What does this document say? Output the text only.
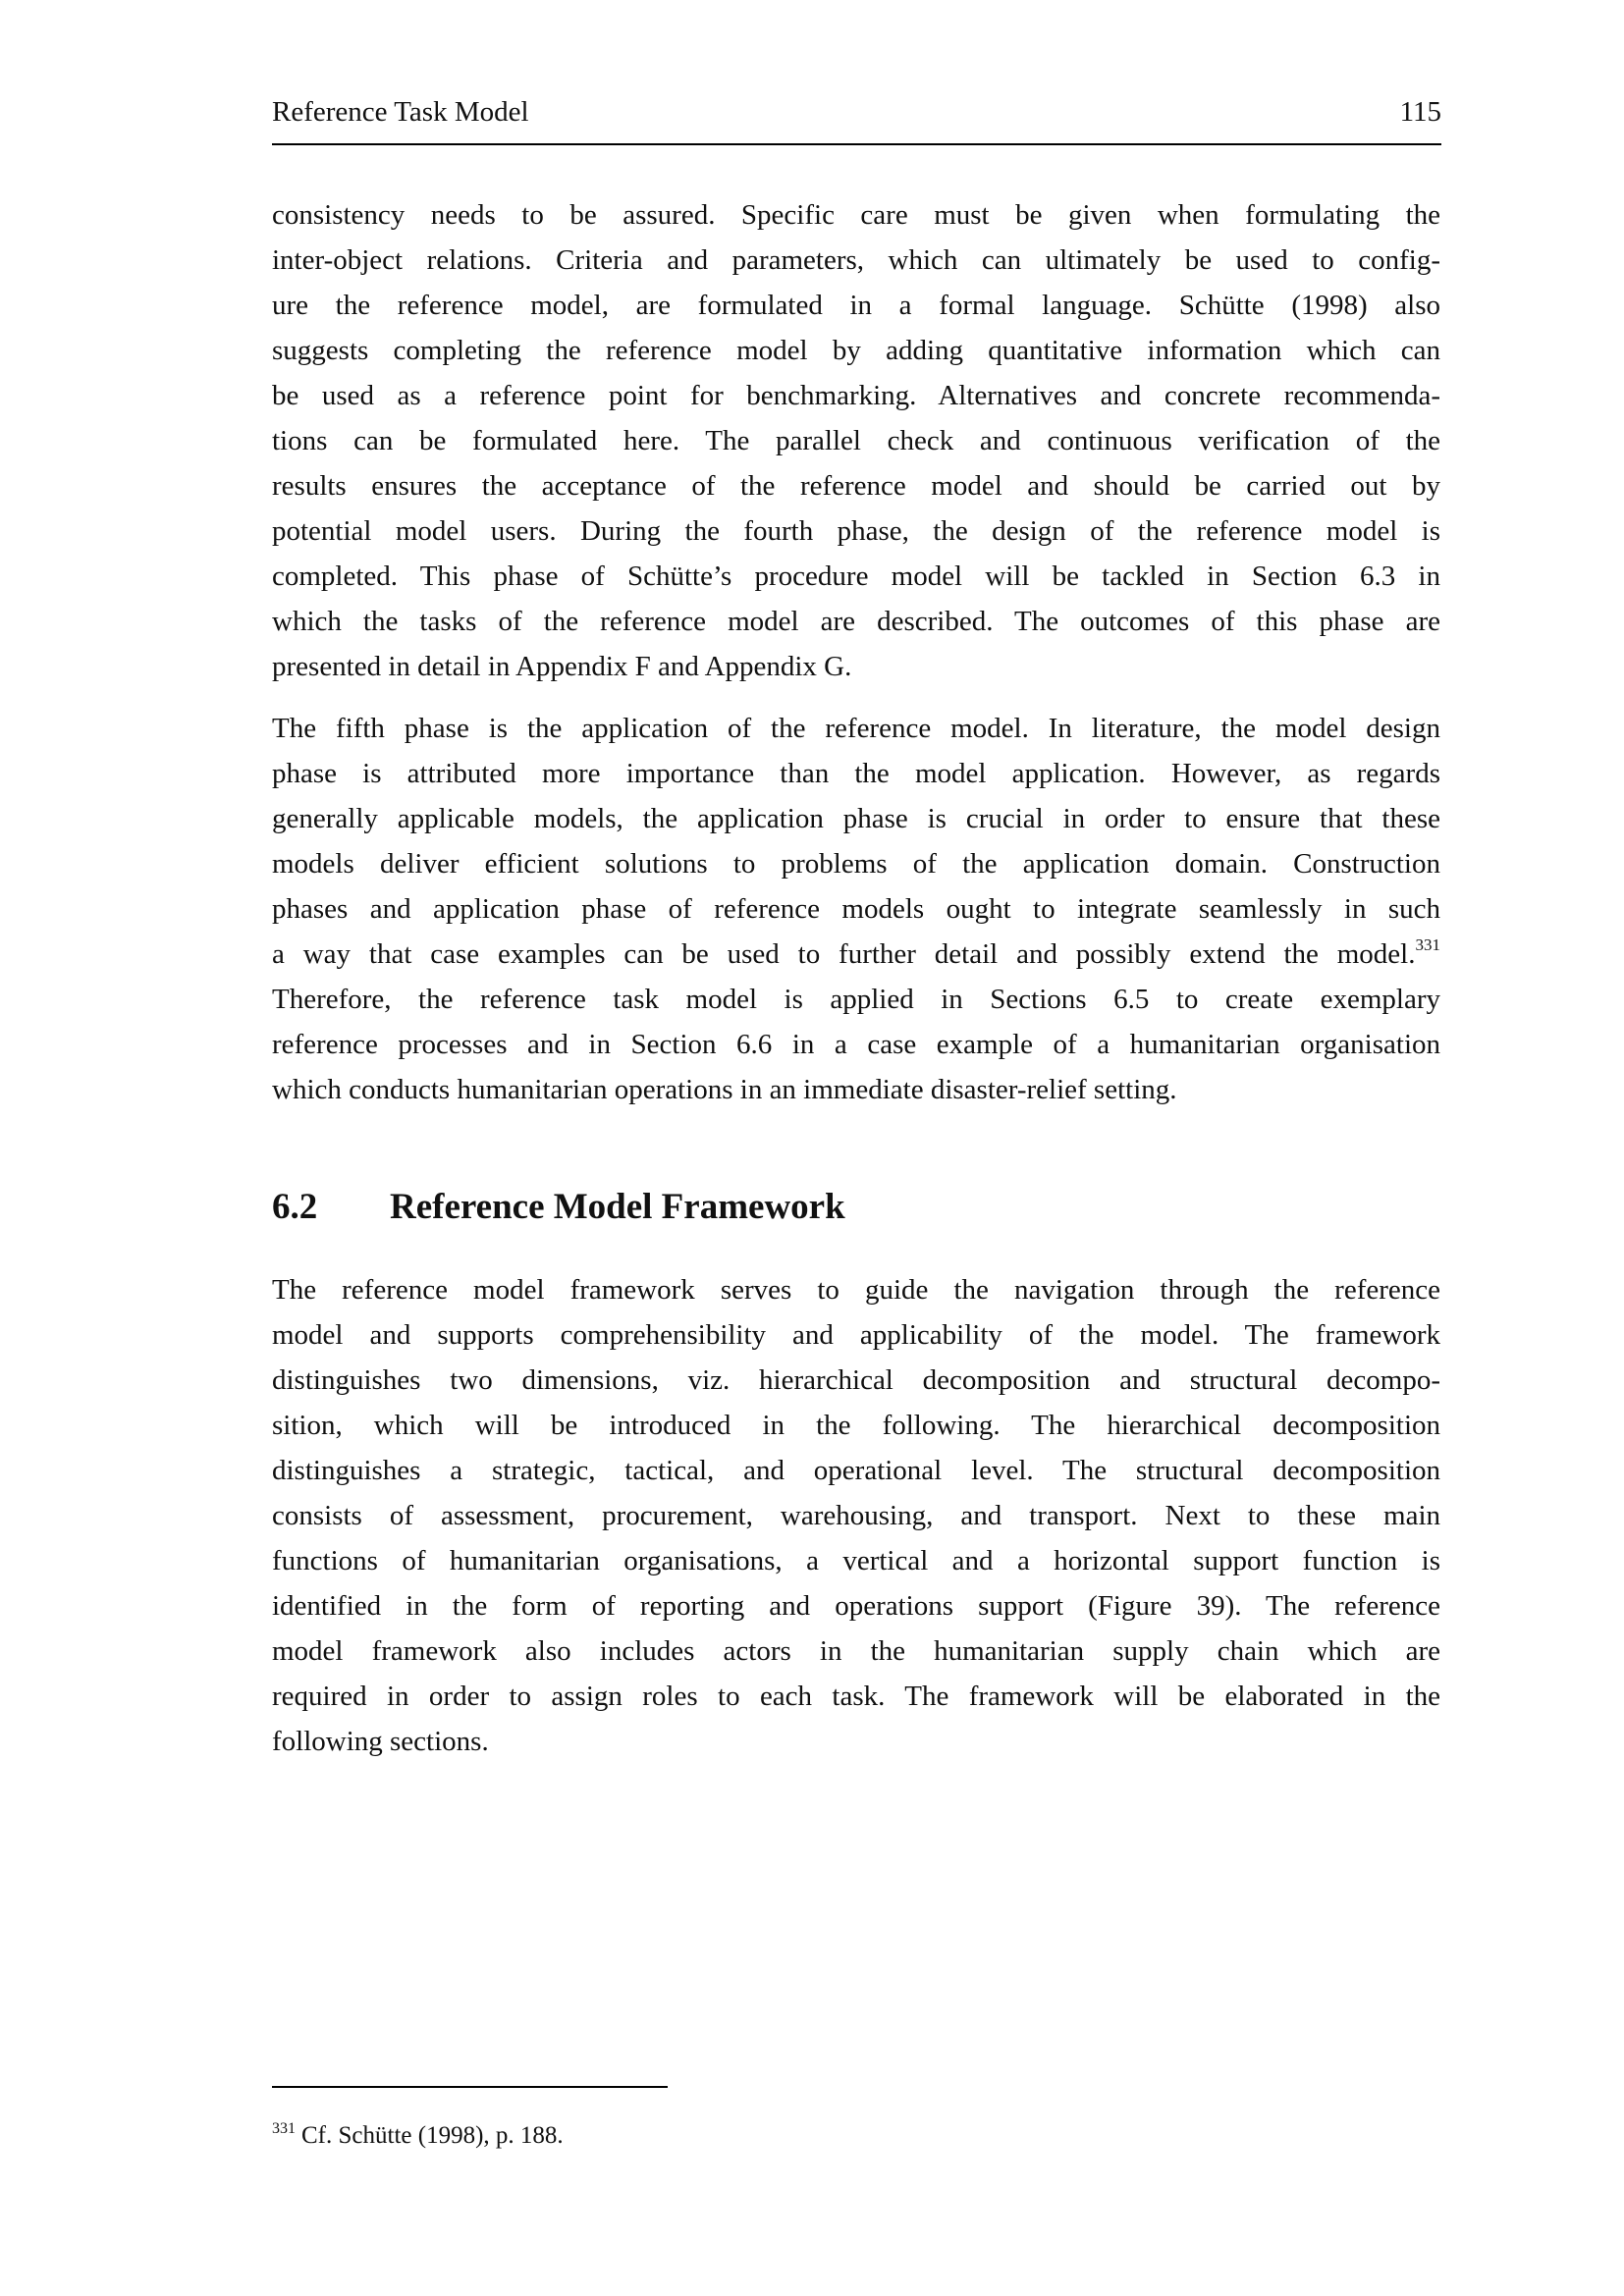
Reference Task Model	115
consistency needs to be assured. Specific care must be given when formulating the
inter-object relations. Criteria and parameters, which can ultimately be used to config-
ure the reference model, are formulated in a formal language. Schütte (1998) also
suggests completing the reference model by adding quantitative information which can
be used as a reference point for benchmarking. Alternatives and concrete recommenda-
tions can be formulated here. The parallel check and continuous verification of the
results ensures the acceptance of the reference model and should be carried out by
potential model users. During the fourth phase, the design of the reference model is
completed. This phase of Schütte’s procedure model will be tackled in Section 6.3 in
which the tasks of the reference model are described. The outcomes of this phase are
presented in detail in Appendix F and Appendix G.
The fifth phase is the application of the reference model. In literature, the model design
phase is attributed more importance than the model application. However, as regards
generally applicable models, the application phase is crucial in order to ensure that these
models deliver efficient solutions to problems of the application domain. Construction
phases and application phase of reference models ought to integrate seamlessly in such
a way that case examples can be used to further detail and possibly extend the model.$^{331}$
Therefore, the reference task model is applied in Sections 6.5 to create exemplary
reference processes and in Section 6.6 in a case example of a humanitarian organisation
which conducts humanitarian operations in an immediate disaster-relief setting.
6.2 Reference Model Framework
The reference model framework serves to guide the navigation through the reference
model and supports comprehensibility and applicability of the model. The framework
distinguishes two dimensions, viz. hierarchical decomposition and structural decompo-
sition, which will be introduced in the following. The hierarchical decomposition
distinguishes a strategic, tactical, and operational level. The structural decomposition
consists of assessment, procurement, warehousing, and transport. Next to these main
functions of humanitarian organisations, a vertical and a horizontal support function is
identified in the form of reporting and operations support (Figure 39). The reference
model framework also includes actors in the humanitarian supply chain which are
required in order to assign roles to each task. The framework will be elaborated in the
following sections.
$^{331}$ Cf. Schütte (1998), p. 188.
